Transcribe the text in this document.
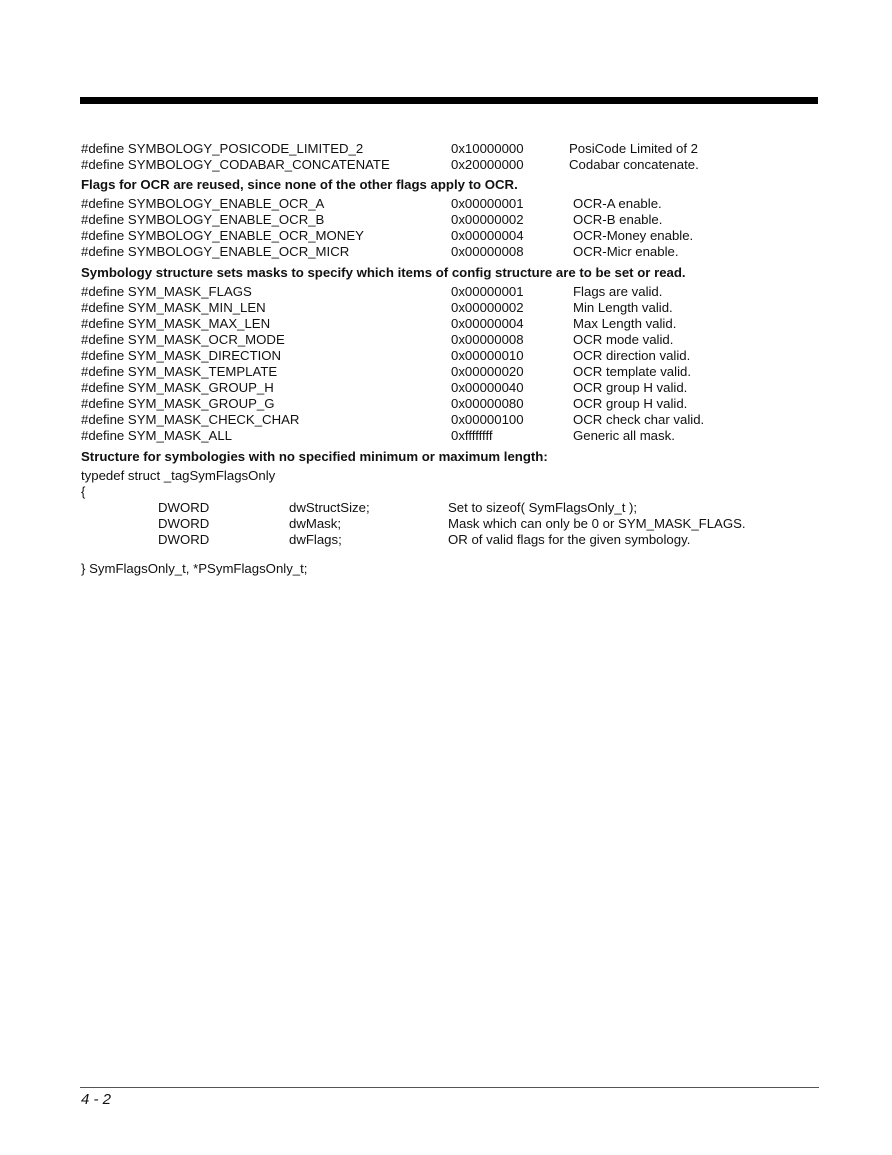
#define SYMBOLOGY_POSICODE_LIMITED_2	0x10000000	PosiCode Limited of 2
#define SYMBOLOGY_CODABAR_CONCATENATE	0x20000000	Codabar concatenate.
Flags for OCR are reused, since none of the other flags apply to OCR.
#define SYMBOLOGY_ENABLE_OCR_A	0x00000001	OCR-A enable.
#define SYMBOLOGY_ENABLE_OCR_B	0x00000002	OCR-B enable.
#define SYMBOLOGY_ENABLE_OCR_MONEY	0x00000004	OCR-Money enable.
#define SYMBOLOGY_ENABLE_OCR_MICR	0x00000008	OCR-Micr enable.
Symbology structure sets masks to specify which items of config structure are to be set or read.
#define SYM_MASK_FLAGS	0x00000001	Flags are valid.
#define SYM_MASK_MIN_LEN	0x00000002	Min Length valid.
#define SYM_MASK_MAX_LEN	0x00000004	Max Length valid.
#define SYM_MASK_OCR_MODE	0x00000008	OCR mode valid.
#define SYM_MASK_DIRECTION	0x00000010	OCR direction valid.
#define SYM_MASK_TEMPLATE	0x00000020	OCR template valid.
#define SYM_MASK_GROUP_H	0x00000040	OCR group H valid.
#define SYM_MASK_GROUP_G	0x00000080	OCR group H valid.
#define SYM_MASK_CHECK_CHAR	0x00000100	OCR check char valid.
#define SYM_MASK_ALL	0xffffffff	Generic all mask.
Structure for symbologies with no specified minimum or maximum length:
typedef struct _tagSymFlagsOnly
{
DWORD	dwStructSize;	Set to sizeof( SymFlagsOnly_t );
DWORD	dwMask;	Mask which can only be 0 or SYM_MASK_FLAGS.
DWORD	dwFlags;	OR of valid flags for the given symbology.
} SymFlagsOnly_t, *PSymFlagsOnly_t;
4 - 2
